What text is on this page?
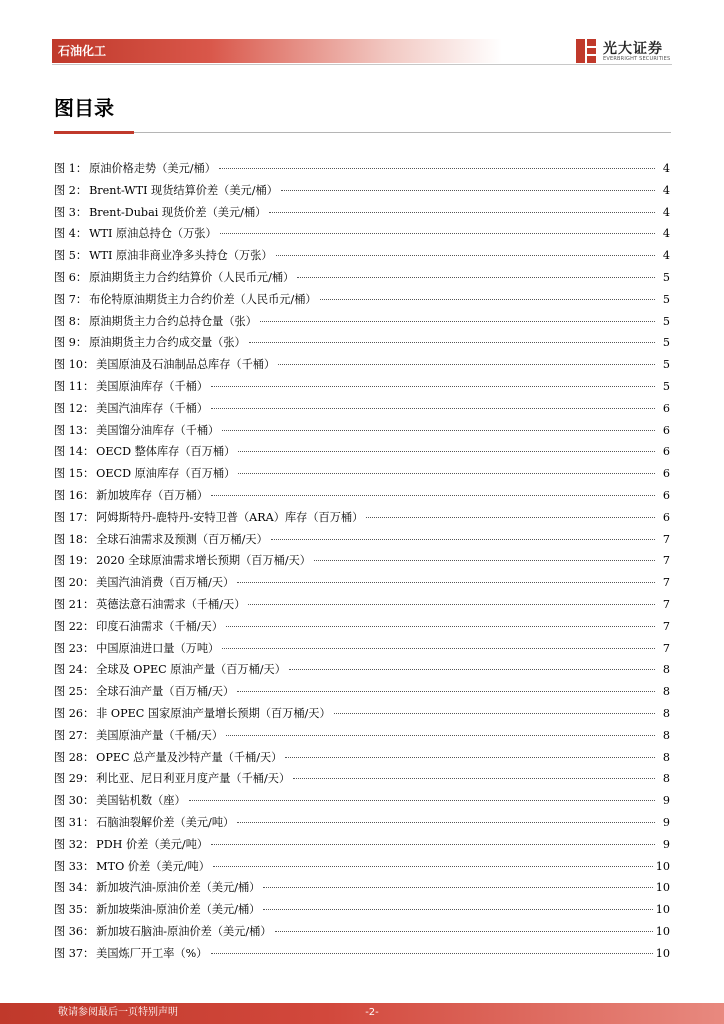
石油化工	光大证券
EVERBRIGHT SECURITIES
图目录
图 1： 原油价格走势（美元/桶）	4
图 2： Brent-WTI 现货结算价差（美元/桶）	4
图 3： Brent-Dubai 现货价差（美元/桶）	4
图 4： WTI 原油总持仓（万张）	4
图 5： WTI 原油非商业净多头持仓（万张）	4
图 6： 原油期货主力合约结算价（人民币元/桶）	5
图 7： 布伦特原油期货主力合约价差（人民币元/桶）	5
图 8： 原油期货主力合约总持仓量（张）	5
图 9： 原油期货主力合约成交量（张）	5
图 10： 美国原油及石油制品总库存（千桶）	5
图 11： 美国原油库存（千桶）	5
图 12： 美国汽油库存（千桶）	6
图 13： 美国馏分油库存（千桶）	6
图 14： OECD 整体库存（百万桶）	6
图 15： OECD 原油库存（百万桶）	6
图 16： 新加坡库存（百万桶）	6
图 17： 阿姆斯特丹-鹿特丹-安特卫普（ARA）库存（百万桶）	6
图 18： 全球石油需求及预测（百万桶/天）	7
图 19： 2020 全球原油需求增长预期（百万桶/天）	7
图 20： 美国汽油消费（百万桶/天）	7
图 21： 英德法意石油需求（千桶/天）	7
图 22： 印度石油需求（千桶/天）	7
图 23： 中国原油进口量（万吨）	7
图 24： 全球及 OPEC 原油产量（百万桶/天）	8
图 25： 全球石油产量（百万桶/天）	8
图 26： 非 OPEC 国家原油产量增长预期（百万桶/天）	8
图 27： 美国原油产量（千桶/天）	8
图 28： OPEC 总产量及沙特产量（千桶/天）	8
图 29： 利比亚、尼日利亚月度产量（千桶/天）	8
图 30： 美国钻机数（座）	9
图 31： 石脑油裂解价差（美元/吨）	9
图 32： PDH 价差（美元/吨）	9
图 33： MTO 价差（美元/吨）	10
图 34： 新加坡汽油-原油价差（美元/桶）	10
图 35： 新加坡柴油-原油价差（美元/桶）	10
图 36： 新加坡石脑油-原油价差（美元/桶）	10
图 37： 美国炼厂开工率（%）	10
敬请参阅最后一页特别声明	-2-
